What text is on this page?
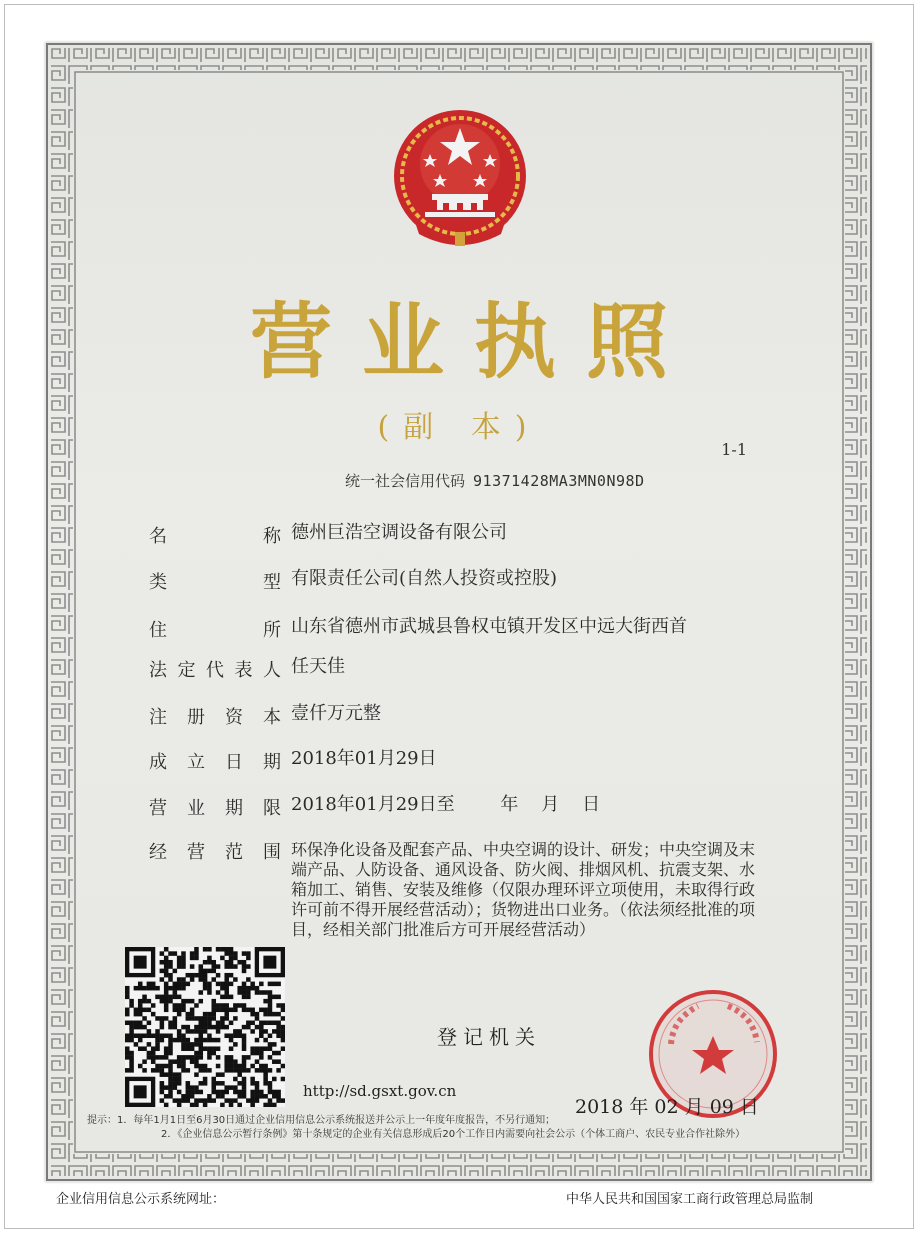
营业执照
(副 本)
1-1
统一社会信用代码 91371428MA3MN0N98D
名	称 德州巨浩空调设备有限公司
类	型 有限责任公司(自然人投资或控股)
住	所 山东省德州市武城县鲁权屯镇开发区中远大街西首
法 定 代 表 人 任天佳
注 册 资 本 壹仟万元整
成 立 日 期 2018年01月29日
营 业 期 限 2018年01月29日至        年    月    日
经 营 范 围 环保净化设备及配套产品、中央空调的设计、研发；中央空调及末端产品、人防设备、通风设备、防火阀、排烟风机、抗震支架、水箱加工、销售、安装及维修（仅限办理环评立项使用，未取得行政许可前不得开展经营活动）；货物进出口业务。（依法须经批准的项目，经相关部门批准后方可开展经营活动）
登记机关
http://sd.gsxt.gov.cn
2018 年 02 月 09 日
提示：1．每年1月1日至6月30日通过企业信用信息公示系统报送并公示上一年度年度报告，不另行通知；
2．《企业信息公示暂行条例》第十条规定的企业有关信息形成后20个工作日内需要向社会公示（个体工商户、农民专业合作社除外）
企业信用信息公示系统网址：	中华人民共和国国家工商行政管理总局监制
